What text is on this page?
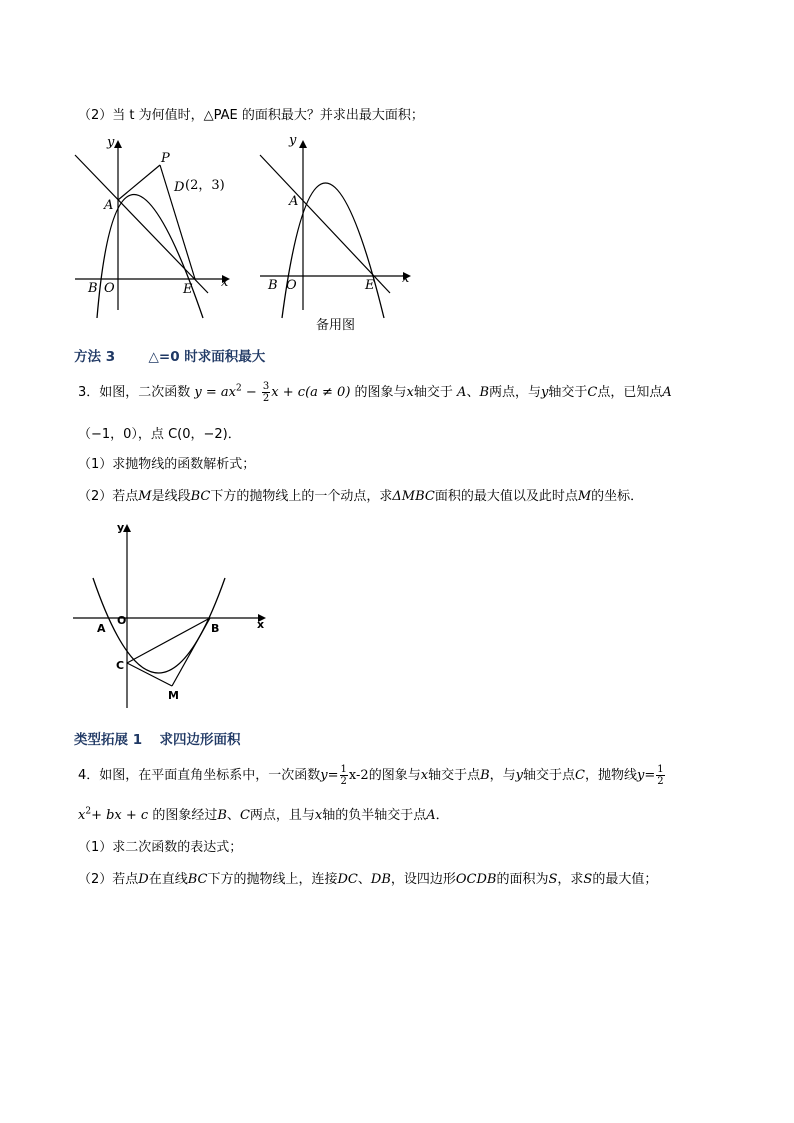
（2）当 t 为何值时，△PAE 的面积最大？并求出最大面积；
y
x
A
B O	E
P
D (2，3)
y
x
A
B O	E
备用图
方法 3 △=0 时求面积最大
3．如图，二次函数 $y = ax^2 - \frac{3}{2}$ x + c(a ≠ 0) 的图象与x轴交于 A、B两点，与y轴交于C点，已知点A
（−1，0），点 C(0，−2)．
（1）求抛物线的函数解析式；
（2）若点M是线段BC下方的抛物线上的一个动点，求ΔMBC面积的最大值以及此时点M的坐标．
y
x
A
O
B
C
M
类型拓展 1 求四边形面积
4．如图，在平面直角坐标系中，一次函数$y= \frac{1}{2} x-2$的图象与x轴交于点B，与y轴交于点C，抛物线$y= \frac{1}{2}$
$x^2+$ bx + c 的图象经过B、C两点，且与x轴的负半轴交于点A．
（1）求二次函数的表达式；
（2）若点D在直线BC下方的抛物线上，连接DC、DB，设四边形OCDB的面积为S，求S的最大值；
